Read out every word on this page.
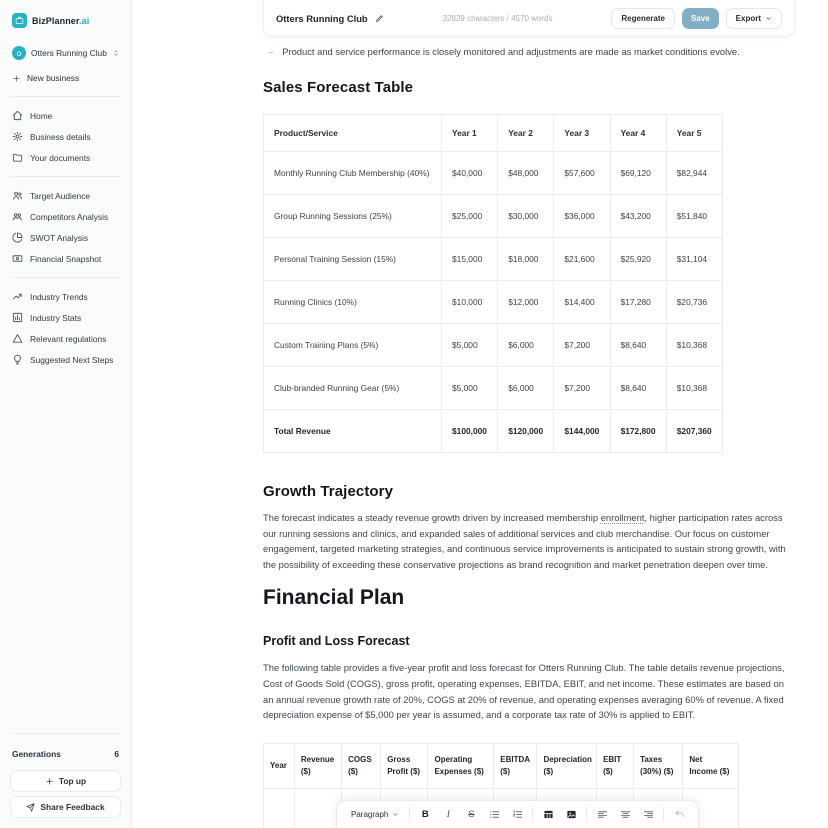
BizPlanner.ai
o	Otters Running Club
New business
Home
Business details
Your documents
Target Audience
Competitors Analysis
SWOT Analysis
Financial Snapshot
Industry Trends
Industry Stats
Relevant regulations
Suggested Next Steps
Generations	6
Top up
Share Feedback
Otters Running Club	32839 characters / 4570 words	Regenerate	Save	Export
– Product and service performance is closely monitored and adjustments are made as market conditions evolve.
Sales Forecast Table
Product/Service	Year 1	Year 2	Year 3	Year 4	Year 5
Monthly Running Club Membership (40%)	$40,000	$48,000	$57,600	$69,120	$82,944
Group Running Sessions (25%)	$25,000	$30,000	$36,000	$43,200	$51,840
Personal Training Session (15%)	$15,000	$18,000	$21,600	$25,920	$31,104
Running Clinics (10%)	$10,000	$12,000	$14,400	$17,280	$20,736
Custom Training Plans (5%)	$5,000	$6,000	$7,200	$8,640	$10,368
Club-branded Running Gear (5%)	$5,000	$6,000	$7,200	$8,640	$10,368
Total Revenue	$100,000	$120,000	$144,000	$172,800	$207,360
Growth Trajectory

The forecast indicates a steady revenue growth driven by increased membership enrollment, higher participation rates across our running sessions and clinics, and expanded sales of additional services and club merchandise. Our focus on customer engagement, targeted marketing strategies, and continuous service improvements is anticipated to sustain strong growth, with the possibility of exceeding these conservative projections as brand recognition and market penetration deepen over time.

Financial Plan
Profit and Loss Forecast

The following table provides a five-year profit and loss forecast for Otters Running Club. The table details revenue projections, Cost of Goods Sold (COGS), gross profit, operating expenses, EBITDA, EBIT, and net income. These estimates are based on an annual revenue growth rate of 20%, COGS at 20% of revenue, and operating expenses averaging 60% of revenue. A fixed depreciation expense of $5,000 per year is assumed, and a corporate tax rate of 30% is applied to EBIT.

Year	Revenue ($)	COGS ($)	Gross Profit ($)	Operating Expenses ($)	EBITDA ($)	Depreciation ($)	EBIT ($)	Taxes (30%) ($)	Net Income ($)

Paragraph	B	I	S
